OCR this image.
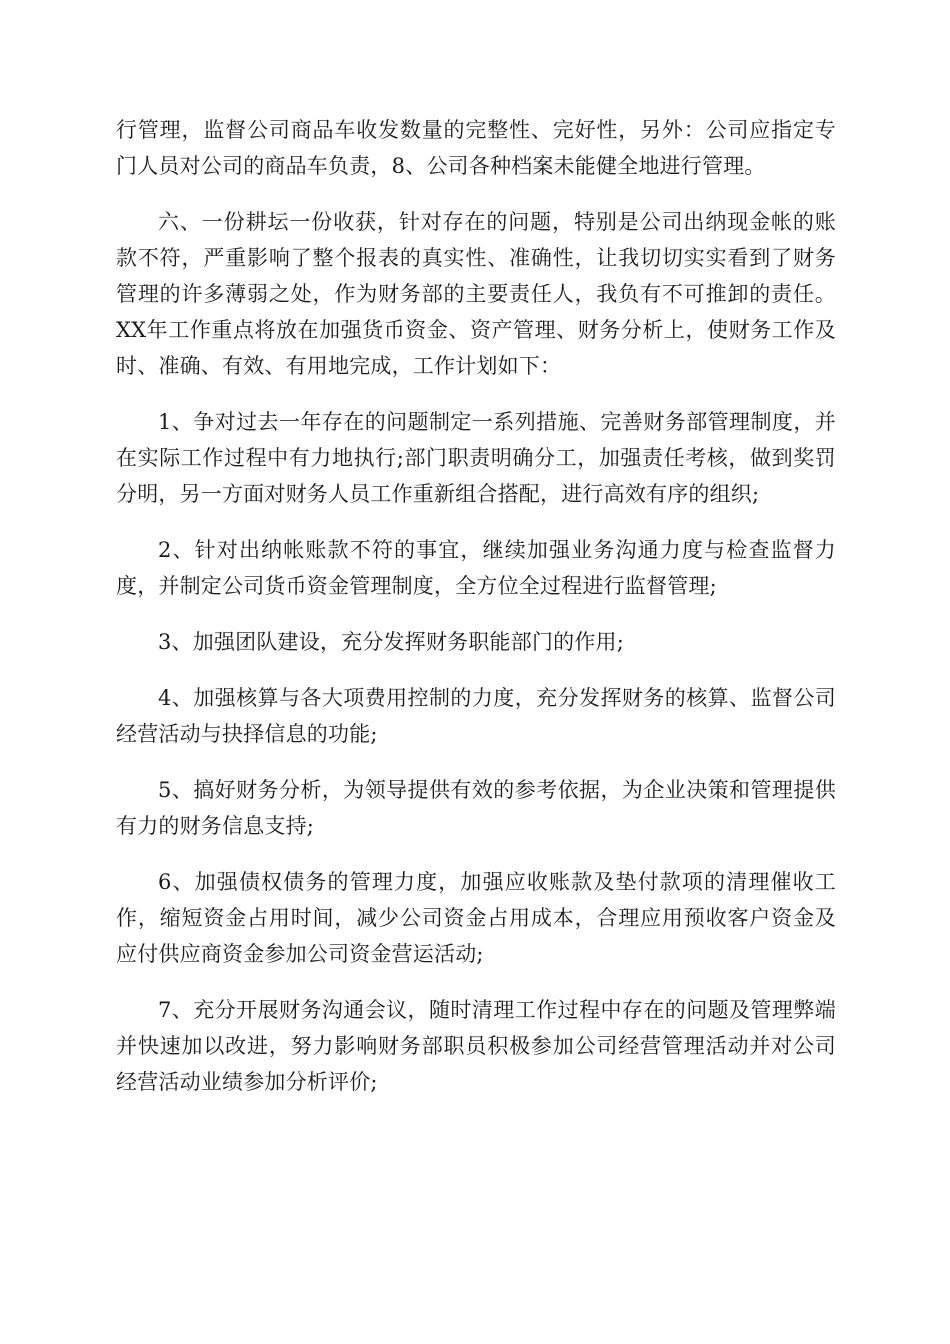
行管理，监督公司商品车收发数量的完整性、完好性，另外：公司应指定专门人员对公司的商品车负责，8、公司各种档案未能健全地进行管理。

六、一份耕坛一份收获，针对存在的问题，特别是公司出纳现金帐的账款不符，严重影响了整个报表的真实性、准确性，让我切切实实看到了财务管理的许多薄弱之处，作为财务部的主要责任人，我负有不可推卸的责任。XX年工作重点将放在加强货币资金、资产管理、财务分析上，使财务工作及时、准确、有效、有用地完成，工作计划如下：

1、争对过去一年存在的问题制定一系列措施、完善财务部管理制度，并在实际工作过程中有力地执行;部门职责明确分工，加强责任考核，做到奖罚分明，另一方面对财务人员工作重新组合搭配，进行高效有序的组织;

2、针对出纳帐账款不符的事宜，继续加强业务沟通力度与检查监督力度，并制定公司货币资金管理制度，全方位全过程进行监督管理;

3、加强团队建设，充分发挥财务职能部门的作用;

4、加强核算与各大项费用控制的力度，充分发挥财务的核算、监督公司经营活动与抉择信息的功能;

5、搞好财务分析，为领导提供有效的参考依据，为企业决策和管理提供有力的财务信息支持;

6、加强债权债务的管理力度，加强应收账款及垫付款项的清理催收工作，缩短资金占用时间，减少公司资金占用成本，合理应用预收客户资金及应付供应商资金参加公司资金营运活动;

7、充分开展财务沟通会议，随时清理工作过程中存在的问题及管理弊端并快速加以改进，努力影响财务部职员积极参加公司经营管理活动并对公司经营活动业绩参加分析评价;
